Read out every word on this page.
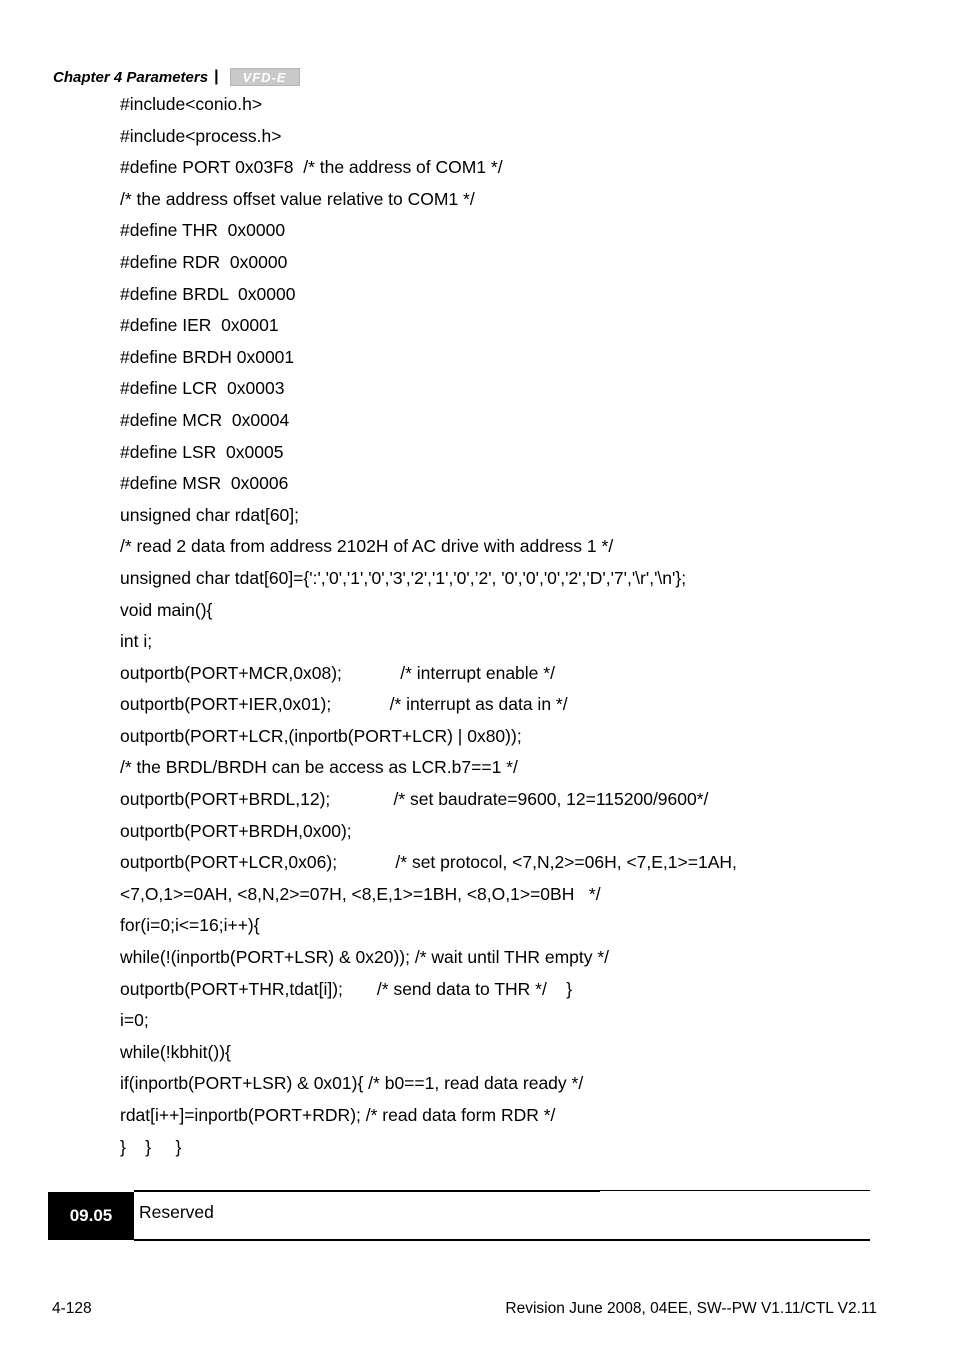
Chapter 4 Parameters |	VFD-E
#include<conio.h>
#include<process.h>
#define PORT 0x03F8  /* the address of COM1 */
/* the address offset value relative to COM1 */
#define THR  0x0000
#define RDR  0x0000
#define BRDL  0x0000
#define IER  0x0001
#define BRDH 0x0001
#define LCR  0x0003
#define MCR  0x0004
#define LSR  0x0005
#define MSR  0x0006
unsigned char rdat[60];
/* read 2 data from address 2102H of AC drive with address 1 */
unsigned char tdat[60]={':','0','1','0','3','2','1','0',’2', '0','0','0','2','D','7','\r','\n'};
void main(){
int i;
outportb(PORT+MCR,0x08);            /* interrupt enable */
outportb(PORT+IER,0x01);            /* interrupt as data in */
outportb(PORT+LCR,(inportb(PORT+LCR) | 0x80));
/* the BRDL/BRDH can be access as LCR.b7==1 */
outportb(PORT+BRDL,12);             /* set baudrate=9600, 12=115200/9600*/
outportb(PORT+BRDH,0x00);
outportb(PORT+LCR,0x06);            /* set protocol, <7,N,2>=06H, <7,E,1>=1AH,
<7,O,1>=0AH, <8,N,2>=07H, <8,E,1>=1BH, <8,O,1>=0BH   */
for(i=0;i<=16;i++){
while(!(inportb(PORT+LSR) & 0x20)); /* wait until THR empty */
outportb(PORT+THR,tdat[i]);       /* send data to THR */    }
i=0;
while(!kbhit()){
if(inportb(PORT+LSR) & 0x01){ /* b0==1, read data ready */
rdat[i++]=inportb(PORT+RDR); /* read data form RDR */
}    }     }
09.05	Reserved
4-128	Revision June 2008, 04EE, SW--PW V1.11/CTL V2.11
